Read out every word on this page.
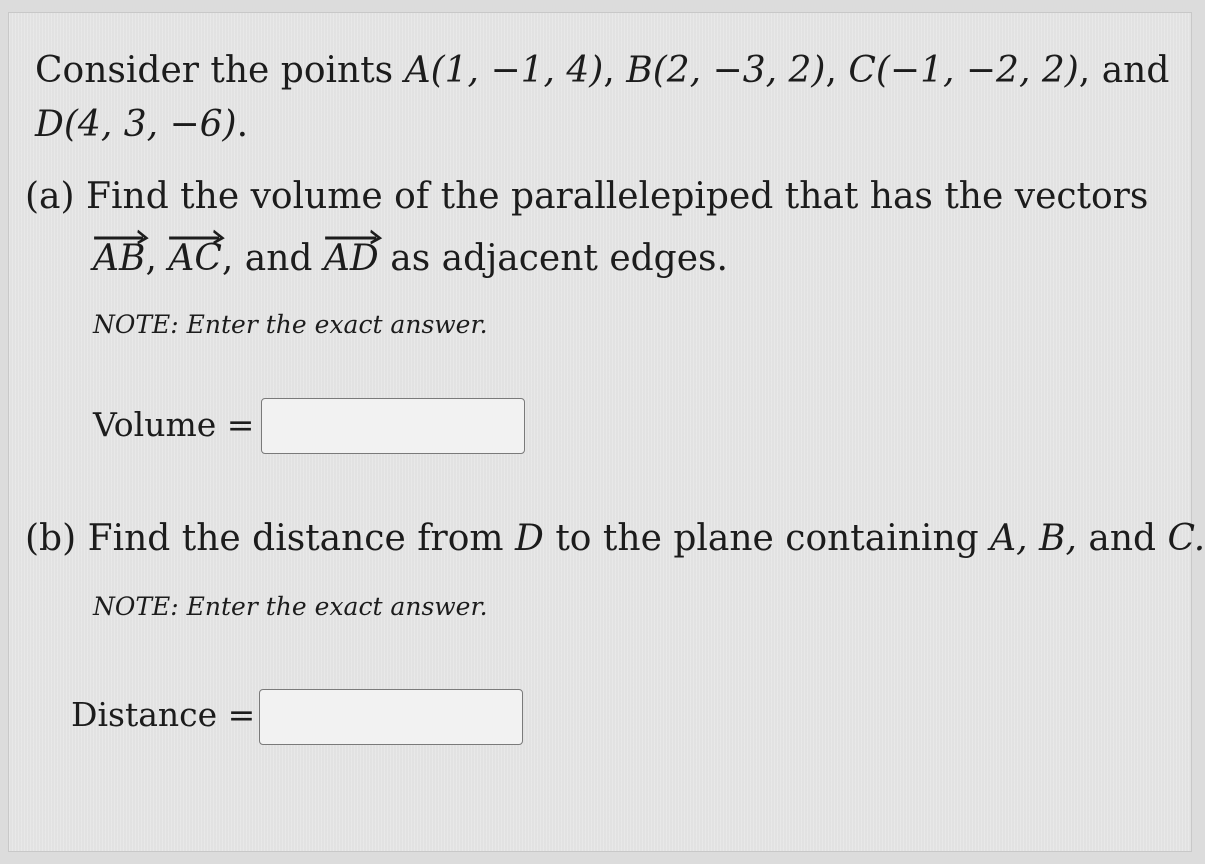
Consider the points A(1, −1, 4), B(2, −3, 2), C(−1, −2, 2), and
D(4, 3, −6).
(a) Find the volume of the parallelepiped that has the vectors
AB,
AC, and
AD as adjacent edges.
NOTE: Enter the exact answer.
Volume =
(b) Find the distance from D to the plane containing A, B, and C.
NOTE: Enter the exact answer.
Distance =
